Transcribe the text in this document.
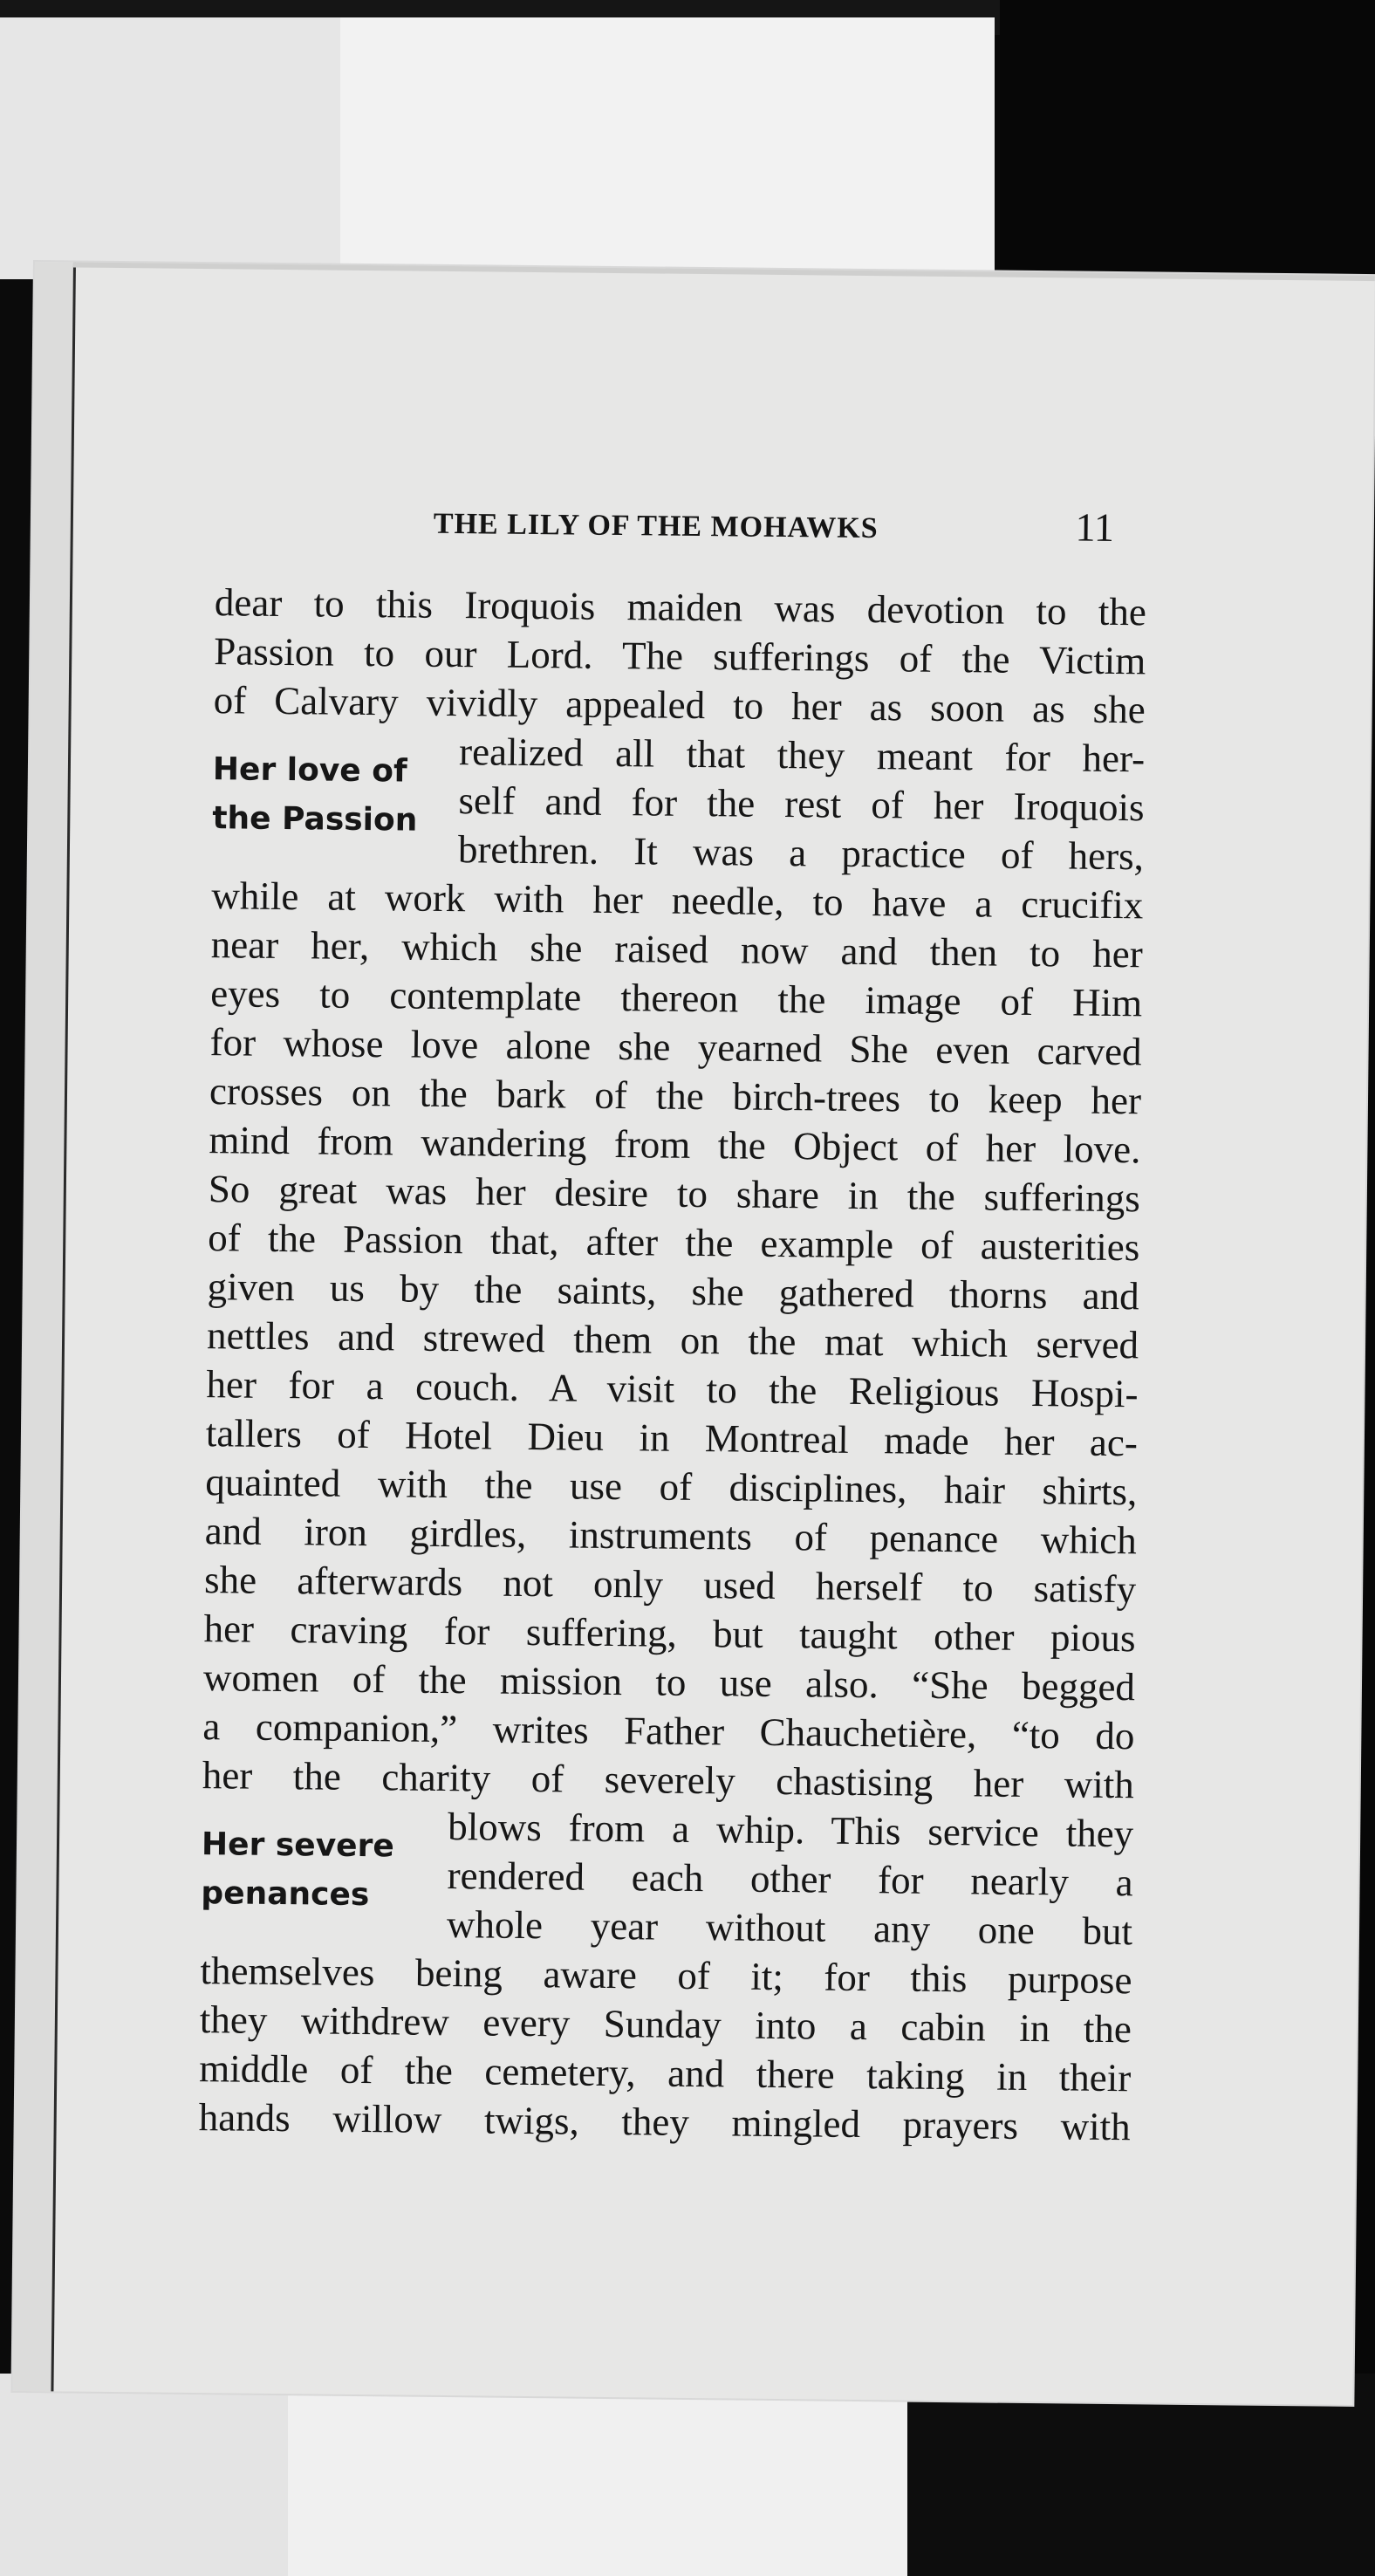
THE LILY OF THE MOHAWKS	11
dear to this Iroquois maiden was devotion to the
Passion to our Lord. The sufferings of the Victim
of Calvary vividly appealed to her as soon as she
Her love of
the Passion
realized all that they meant for her-
self and for the rest of her Iroquois
brethren. It was a practice of hers,
while at work with her needle, to have a crucifix
near her, which she raised now and then to her
eyes to contemplate thereon the image of Him
for whose love alone she yearned She even carved
crosses on the bark of the birch-trees to keep her
mind from wandering from the Object of her love.
So great was her desire to share in the sufferings
of the Passion that, after the example of austerities
given us by the saints, she gathered thorns and
nettles and strewed them on the mat which served
her for a couch. A visit to the Religious Hospi-
tallers of Hotel Dieu in Montreal made her ac-
quainted with the use of disciplines, hair shirts,
and iron girdles, instruments of penance which
she afterwards not only used herself to satisfy
her craving for suffering, but taught other pious
women of the mission to use also. “She begged
a companion,” writes Father Chauchetière, “to do
her the charity of severely chastising her with
Her severe
penances
blows from a whip. This service they
rendered each other for nearly a
whole year without any one but
themselves being aware of it; for this purpose
they withdrew every Sunday into a cabin in the
middle of the cemetery, and there taking in their
hands willow twigs, they mingled prayers with
